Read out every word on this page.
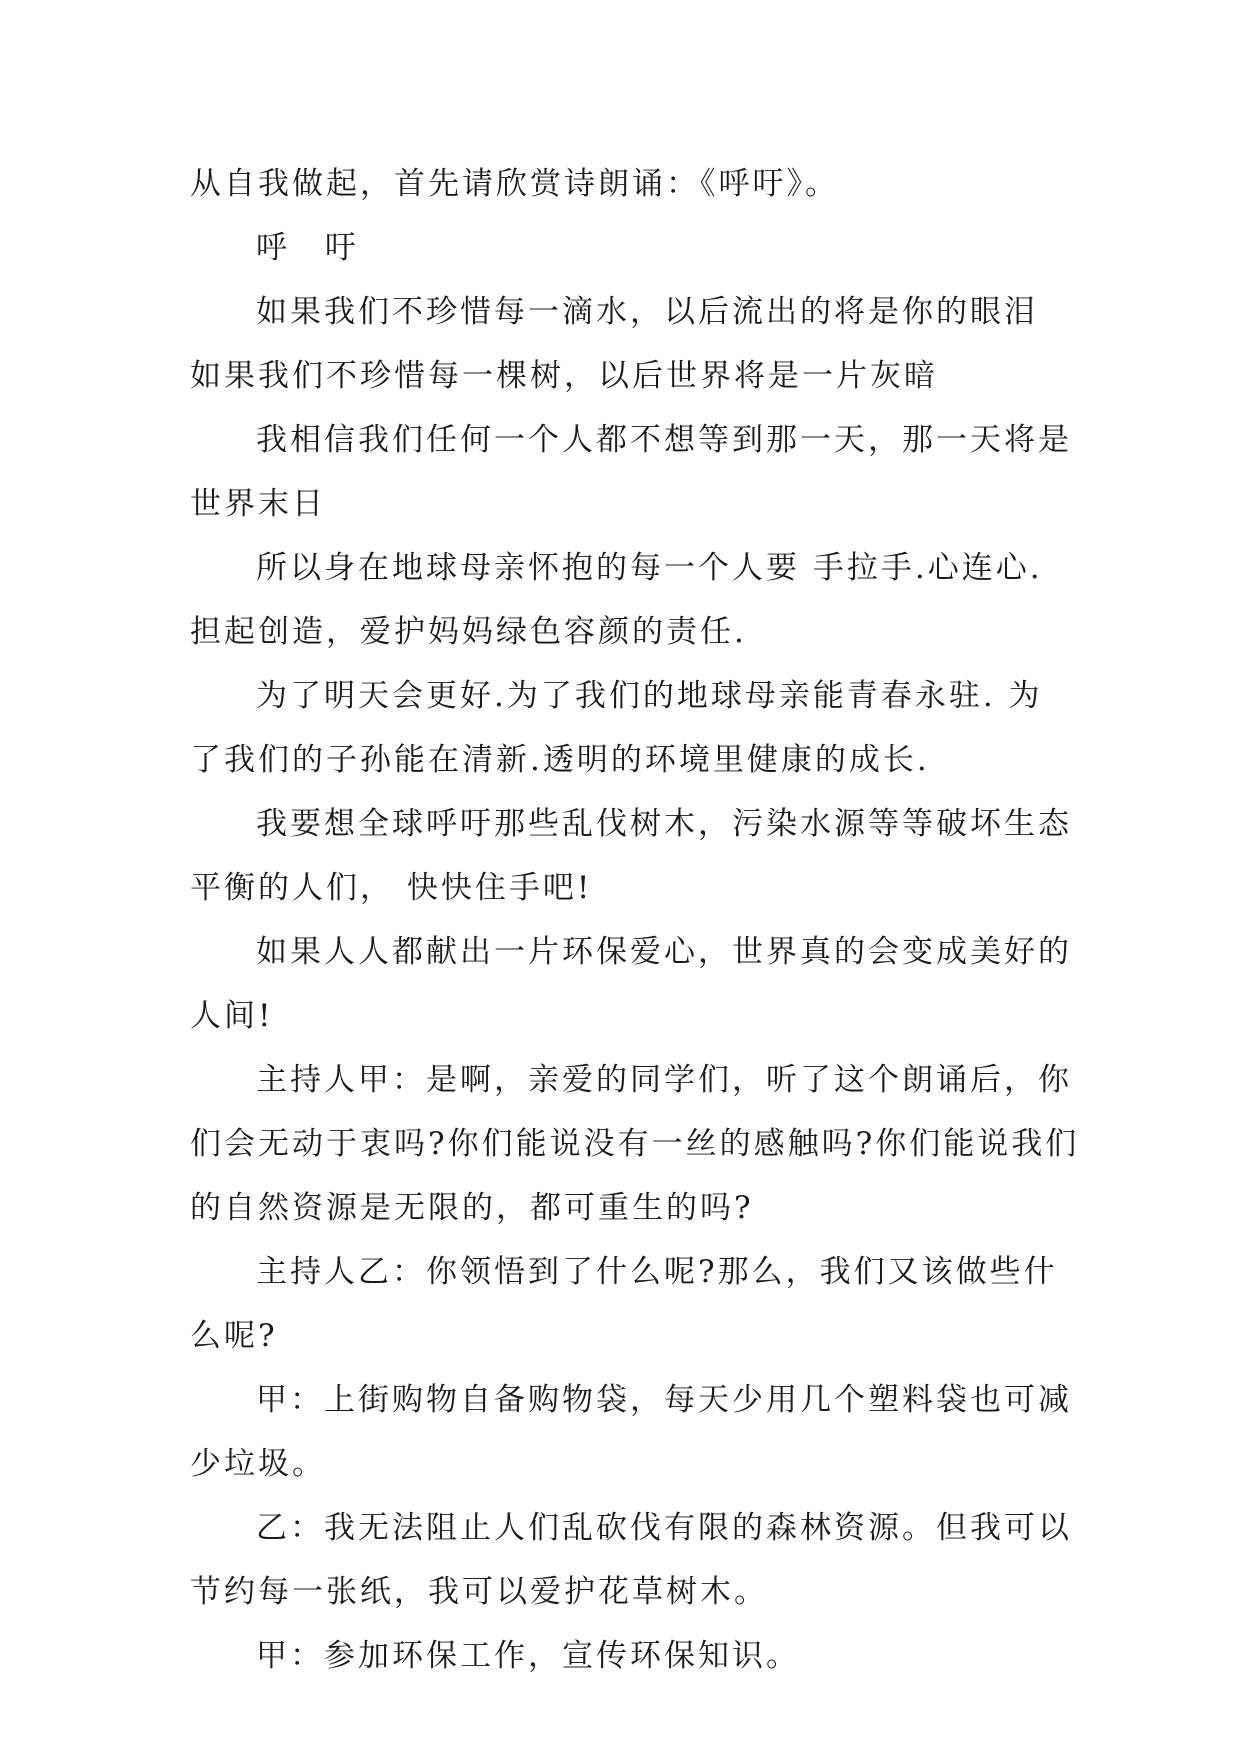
从自我做起，首先请欣赏诗朗诵：《呼吁》。
呼 吁
如果我们不珍惜每一滴水，以后流出的将是你的眼泪
如果我们不珍惜每一棵树，以后世界将是一片灰暗
我相信我们任何一个人都不想等到那一天，那一天将是
世界末日
所以身在地球母亲怀抱的每一个人要 手拉手.心连心.
担起创造，爱护妈妈绿色容颜的责任.
为了明天会更好.为了我们的地球母亲能青春永驻. 为
了我们的子孙能在清新.透明的环境里健康的成长.
我要想全球呼吁那些乱伐树木，污染水源等等破坏生态
平衡的人们， 快快住手吧!
如果人人都献出一片环保爱心，世界真的会变成美好的
人间!
主持人甲：是啊，亲爱的同学们，听了这个朗诵后，你
们会无动于衷吗?你们能说没有一丝的感触吗?你们能说我们
的自然资源是无限的，都可重生的吗?
主持人乙：你领悟到了什么呢?那么，我们又该做些什
么呢?
甲：上街购物自备购物袋，每天少用几个塑料袋也可减
少垃圾。
乙：我无法阻止人们乱砍伐有限的森林资源。但我可以
节约每一张纸，我可以爱护花草树木。
甲：参加环保工作，宣传环保知识。
